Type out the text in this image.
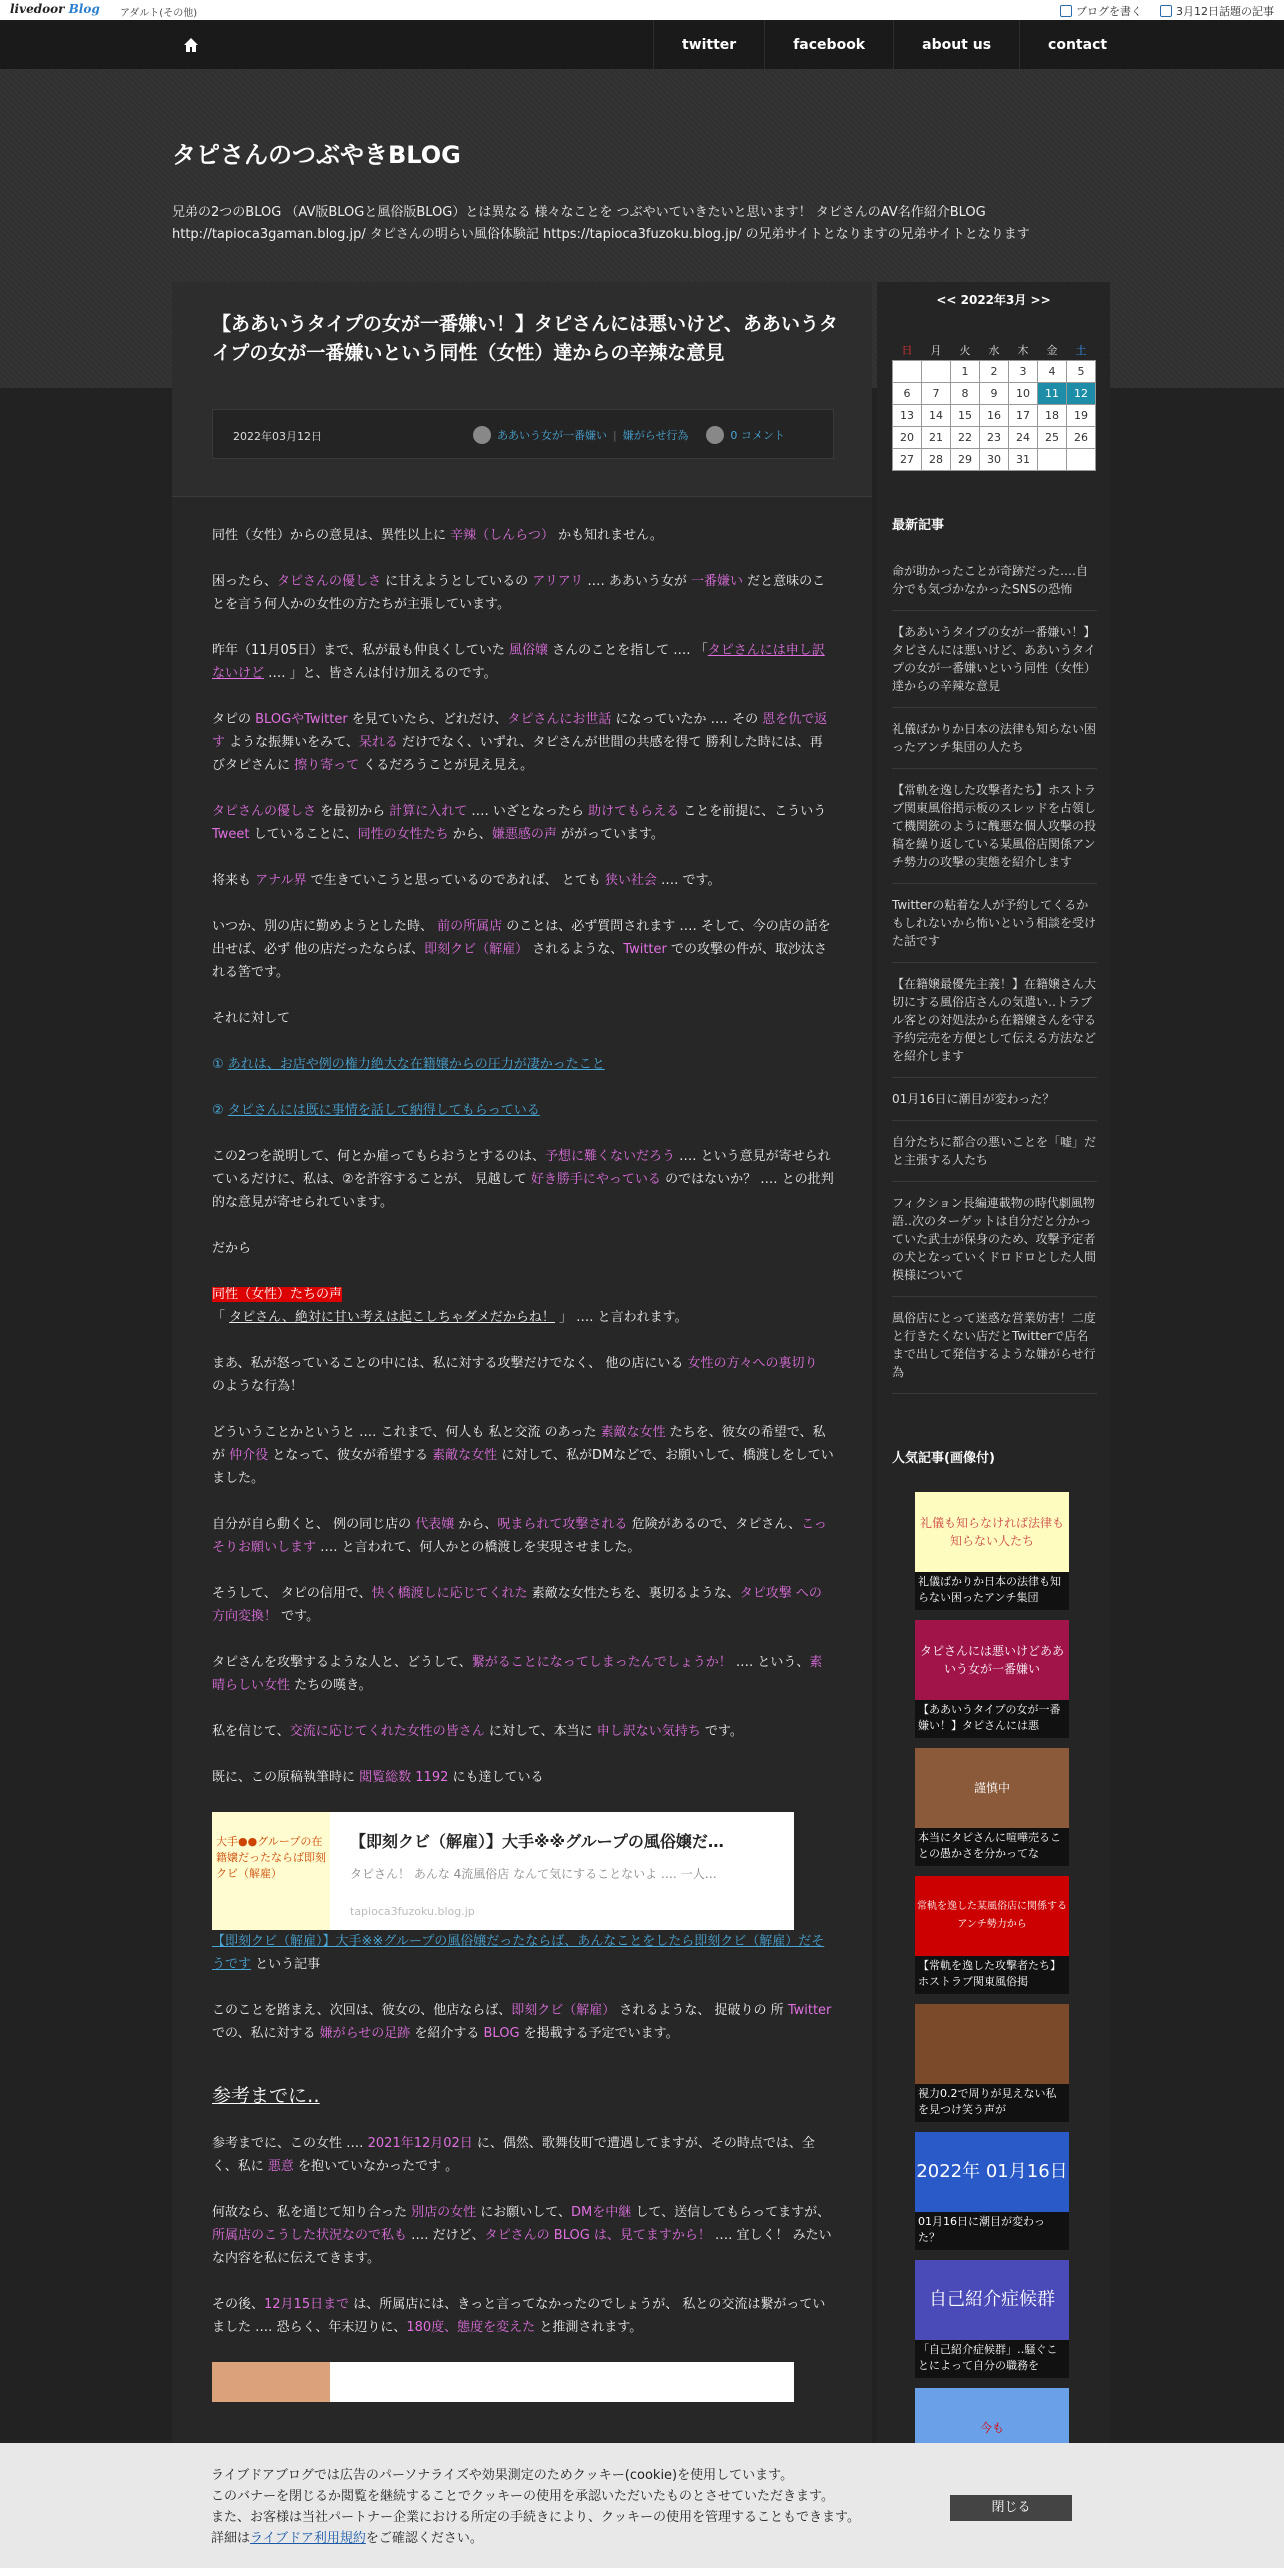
livedoor Blog アダルト(その他)	ブログを書く	3月12日話題の記事
twitter	facebook	about us	contact
タピさんのつぶやきBLOG
兄弟の2つのBLOG （AV版BLOGと風俗版BLOG）とは異なる 様々なことを つぶやいていきたいと思います！ タピさんのAV名作紹介BLOG http://tapioca3gaman.blog.jp/ タピさんの明らい風俗体験記 https://tapioca3fuzoku.blog.jp/ の兄弟サイトとなりますの兄弟サイトとなります
【ああいうタイプの女が一番嫌い！】タピさんには悪いけど、ああいうタイプの女が一番嫌いという同性（女性）達からの辛辣な意見
2022年03月12日	ああいう女が一番嫌い | 嫌がらせ行為	0 コメント

同性（女性）からの意見は、異性以上に 辛辣（しんらつ） かも知れません。

困ったら、タピさんの優しさ に甘えようとしているの アリアリ ‥‥ ああいう女が 一番嫌い だと意味のことを言う何人かの女性の方たちが主張しています。

昨年（11月05日）まで、私が最も仲良くしていた 風俗嬢 さんのことを指して ‥‥ 「タピさんには申し訳ないけど ‥‥ 」と、皆さんは付け加えるのです。

タピの BLOGやTwitter を見ていたら、どれだけ、タピさんにお世話 になっていたか ‥‥ その 恩を仇で返す ような振舞いをみて、呆れる だけでなく、いずれ、タピさんが世間の共感を得て 勝利した時には、再びタピさんに 擦り寄って くるだろうことが見え見え。

タピさんの優しさ を最初から 計算に入れて ‥‥ いざとなったら 助けてもらえる ことを前提に、こういう Tweet していることに、同性の女性たち から、嫌悪感の声 ががっています。

将来も アナル界 で生きていこうと思っているのであれば、 とても 狭い社会 ‥‥ です。

いつか、別の店に勤めようとした時、 前の所属店 のことは、必ず質問されます ‥‥ そして、今の店の話を出せば、必ず 他の店だったならば、即刻クビ（解雇） されるような、Twitter での攻撃の件が、取沙汰される筈です。

それに対して

① あれは、お店や例の権力絶大な在籍嬢からの圧力が凄かったこと

② タピさんには既に事情を話して納得してもらっている

この2つを説明して、何とか雇ってもらおうとするのは、予想に難くないだろう ‥‥ という意見が寄せられているだけに、私は、②を許容することが、 見越して 好き勝手にやっている のではないか？ ‥‥ との批判的な意見が寄せられています。

だから

同性（女性）たちの声
「 タピさん、絶対に甘い考えは起こしちゃダメだからね！ 」 ‥‥ と言われます。

まあ、私が怒っていることの中には、私に対する攻撃だけでなく、 他の店にいる 女性の方々への裏切り のような行為！

どういうことかというと ‥‥ これまで、何人も 私と交流 のあった 素敵な女性 たちを、彼女の希望で、私が 仲介役 となって、彼女が希望する 素敵な女性 に対して、私がDMなどで、お願いして、橋渡しをしていました。

自分が自ら動くと、 例の同じ店の 代表嬢 から、呪まられて攻撃される 危険があるので、タピさん、こっそりお願いします ‥‥ と言われて、何人かとの橋渡しを実現させました。

そうして、 タピの信用で、快く橋渡しに応じてくれた 素敵な女性たちを、裏切るような、タピ攻撃 への方向変換！ です。

タピさんを攻撃するような人と、どうして、繋がることになってしまったんでしょうか！ ‥‥ という、素晴らしい女性 たちの嘆き。

私を信じて、交流に応じてくれた女性の皆さん に対して、本当に 申し訳ない気持ち です。

既に、この原稿執筆時に 閲覧総数 1192 にも達している

大手●●グループの在籍嬢だったならば即刻クビ（解雇）
【即刻クビ（解雇）】大手※※グループの風俗嬢だ…
タピさん！ あんな 4流風俗店 なんて気にすることないよ ‥‥ 一人…
tapioca3fuzoku.blog.jp

【即刻クビ（解雇）】大手※※グループの風俗嬢だったならば、あんなことをしたら即刻クビ（解雇）だそうです という記事

このことを踏まえ、次回は、彼女の、他店ならば、即刻クビ（解雇） されるような、 捉破りの 所 Twitter での、私に対する 嫌がらせの足跡 を紹介する BLOG を掲載する予定でいます。

参考までに‥

参考までに、この女性 ‥‥ 2021年12月02日 に、偶然、歌舞伎町で遭遇してますが、その時点では、全く、私に 悪意 を抱いていなかったです 。

何故なら、私を通じて知り合った 別店の女性 にお願いして、DMを中継 して、送信してもらってますが、所属店のこうした状況なので私も ‥‥ だけど、タピさんの BLOG は、見てますから！ ‥‥ 宜しく！ みたいな内容を私に伝えてきます。

その後、12月15日まで は、所属店には、きっと言ってなかったのでしょうが、 私との交流は繋がっていました ‥‥ 恐らく、年末辺りに、180度、態度を変えた と推測されます。

<< 2022年3月 >>
日	月	火	水	木	金	土
		1	2	3	4	5
6	7	8	9	10	11	12
13	14	15	16	17	18	19
20	21	22	23	24	25	26
27	28	29	30	31		
最新記事
命が助かったことが奇跡だった‥‥自分でも気づかなかったSNSの恐怖
【ああいうタイプの女が一番嫌い！】タピさんには悪いけど、ああいうタイプの女が一番嫌いという同性（女性）達からの辛辣な意見
礼儀ばかりか日本の法律も知らない困ったアンチ集団の人たち
【常軌を逸した攻撃者たち】ホストラブ関東風俗掲示板のスレッドを占領して機関銃のように醜悪な個人攻撃の投稿を繰り返している某風俗店関係アンチ勢力の攻撃の実態を紹介します
Twitterの粘着な人が予約してくるかもしれないから怖いという相談を受けた話です
【在籍嬢最優先主義！】在籍嬢さん大切にする風俗店さんの気遣い‥トラブル客との対処法から在籍嬢さんを守る予約完売を方便として伝える方法などを紹介します
01月16日に潮目が変わった？
自分たちに都合の悪いことを「嘘」だと主張する人たち
フィクション長編連載物の時代劇風物語‥次のターゲットは自分だと分かっていた武士が保身のため、攻撃予定者の犬となっていくドロドロとした人間模様について
風俗店にとって迷惑な営業妨害！二度と行きたくない店だとTwitterで店名まで出して発信するような嫌がらせ行為
人気記事(画像付)
礼儀も知らなければ法律も知らない人たち
礼儀ばかりか日本の法律も知らない困ったアンチ集団
タピさんには悪いけどああいう女が一番嫌い
【ああいうタイプの女が一番嫌い！】タピさんには悪
謹慎中
本当にタピさんに喧嘩売ることの愚かさを分かってな
常軌を逸した某風俗店に関係するアンチ勢力から
【常軌を逸した攻撃者たち】ホストラブ関東風俗掲
視力0.2で周りが見えない私を見つけ笑う声が
2022年 01月16日
01月16日に潮目が変わった？
自己紹介症候群
「自己紹介症候群」‥騒ぐことによって自分の職務を
今も
ライブドアブログでは広告のパーソナライズや効果測定のためクッキー(cookie)を使用しています。
このバナーを閉じるか閲覧を継続することでクッキーの使用を承認いただいたものとさせていただきます。
また、お客様は当社パートナー企業における所定の手続きにより、クッキーの使用を管理することもできます。
詳細はライブドア利用規約をご確認ください。
閉じる
